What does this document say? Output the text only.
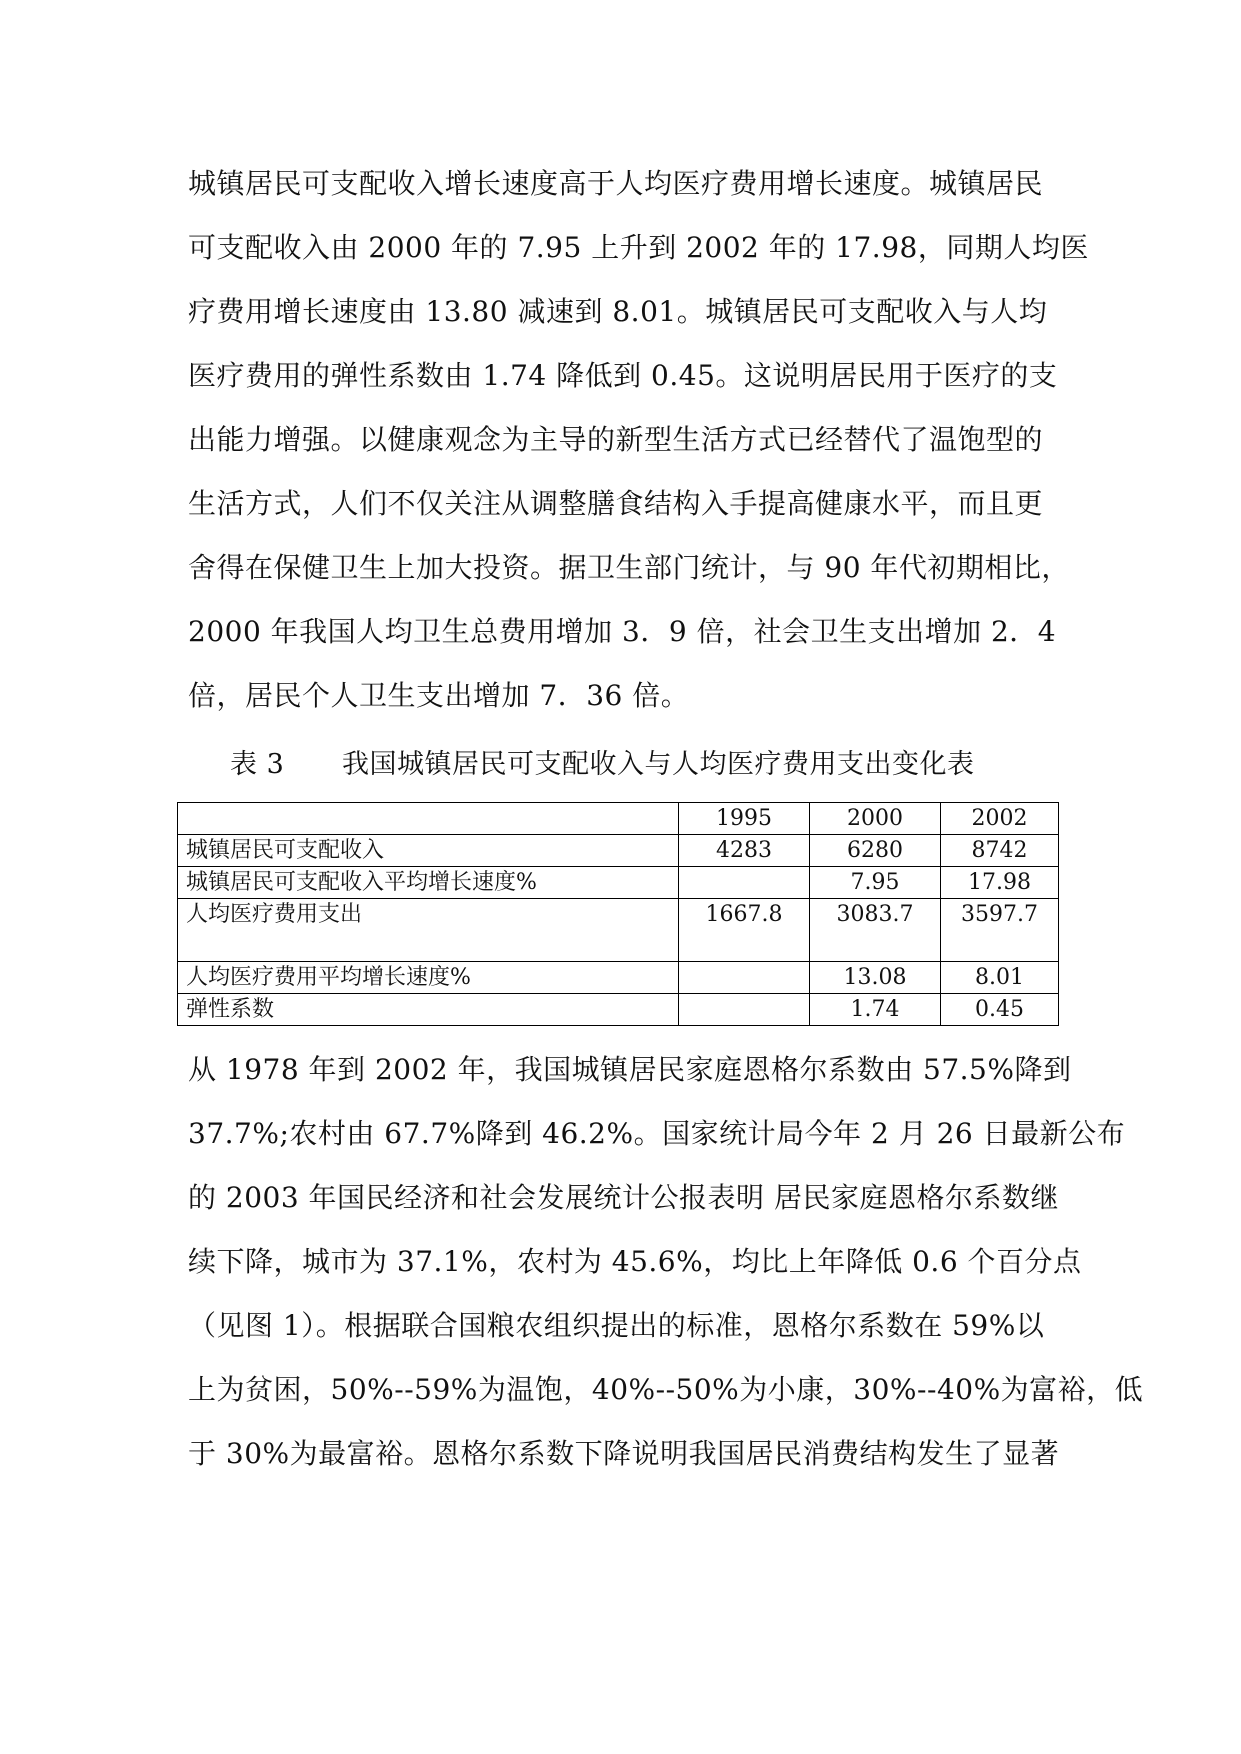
城镇居民可支配收入增长速度高于人均医疗费用增长速度。城镇居民
可支配收入由 2000 年的 7.95 上升到 2002 年的 17.98，同期人均医
疗费用增长速度由 13.80 减速到 8.01。城镇居民可支配收入与人均
医疗费用的弹性系数由 1.74 降低到 0.45。这说明居民用于医疗的支
出能力增强。以健康观念为主导的新型生活方式已经替代了温饱型的
生活方式，人们不仅关注从调整膳食结构入手提高健康水平，而且更
舍得在保健卫生上加大投资。据卫生部门统计，与 90 年代初期相比，
2000 年我国人均卫生总费用增加 3．9 倍，社会卫生支出增加 2．4
倍，居民个人卫生支出增加 7．36 倍。
表 3 我国城镇居民可支配收入与人均医疗费用支出变化表
	1995	2000	2002
城镇居民可支配收入	4283	6280	8742
城镇居民可支配收入平均增长速度%		7.95	17.98
人均医疗费用支出	1667.8	3083.7	3597.7
人均医疗费用平均增长速度%		13.08	8.01
弹性系数		1.74	0.45
从 1978 年到 2002 年，我国城镇居民家庭恩格尔系数由 57.5%降到
37.7%;农村由 67.7%降到 46.2%。国家统计局今年 2 月 26 日最新公布
的 2003 年国民经济和社会发展统计公报表明 居民家庭恩格尔系数继
续下降，城市为 37.1%，农村为 45.6%，均比上年降低 0.6 个百分点
（见图 1）。根据联合国粮农组织提出的标准，恩格尔系数在 59%以
上为贫困，50%--59%为温饱，40%--50%为小康，30%--40%为富裕，低
于 30%为最富裕。恩格尔系数下降说明我国居民消费结构发生了显著
